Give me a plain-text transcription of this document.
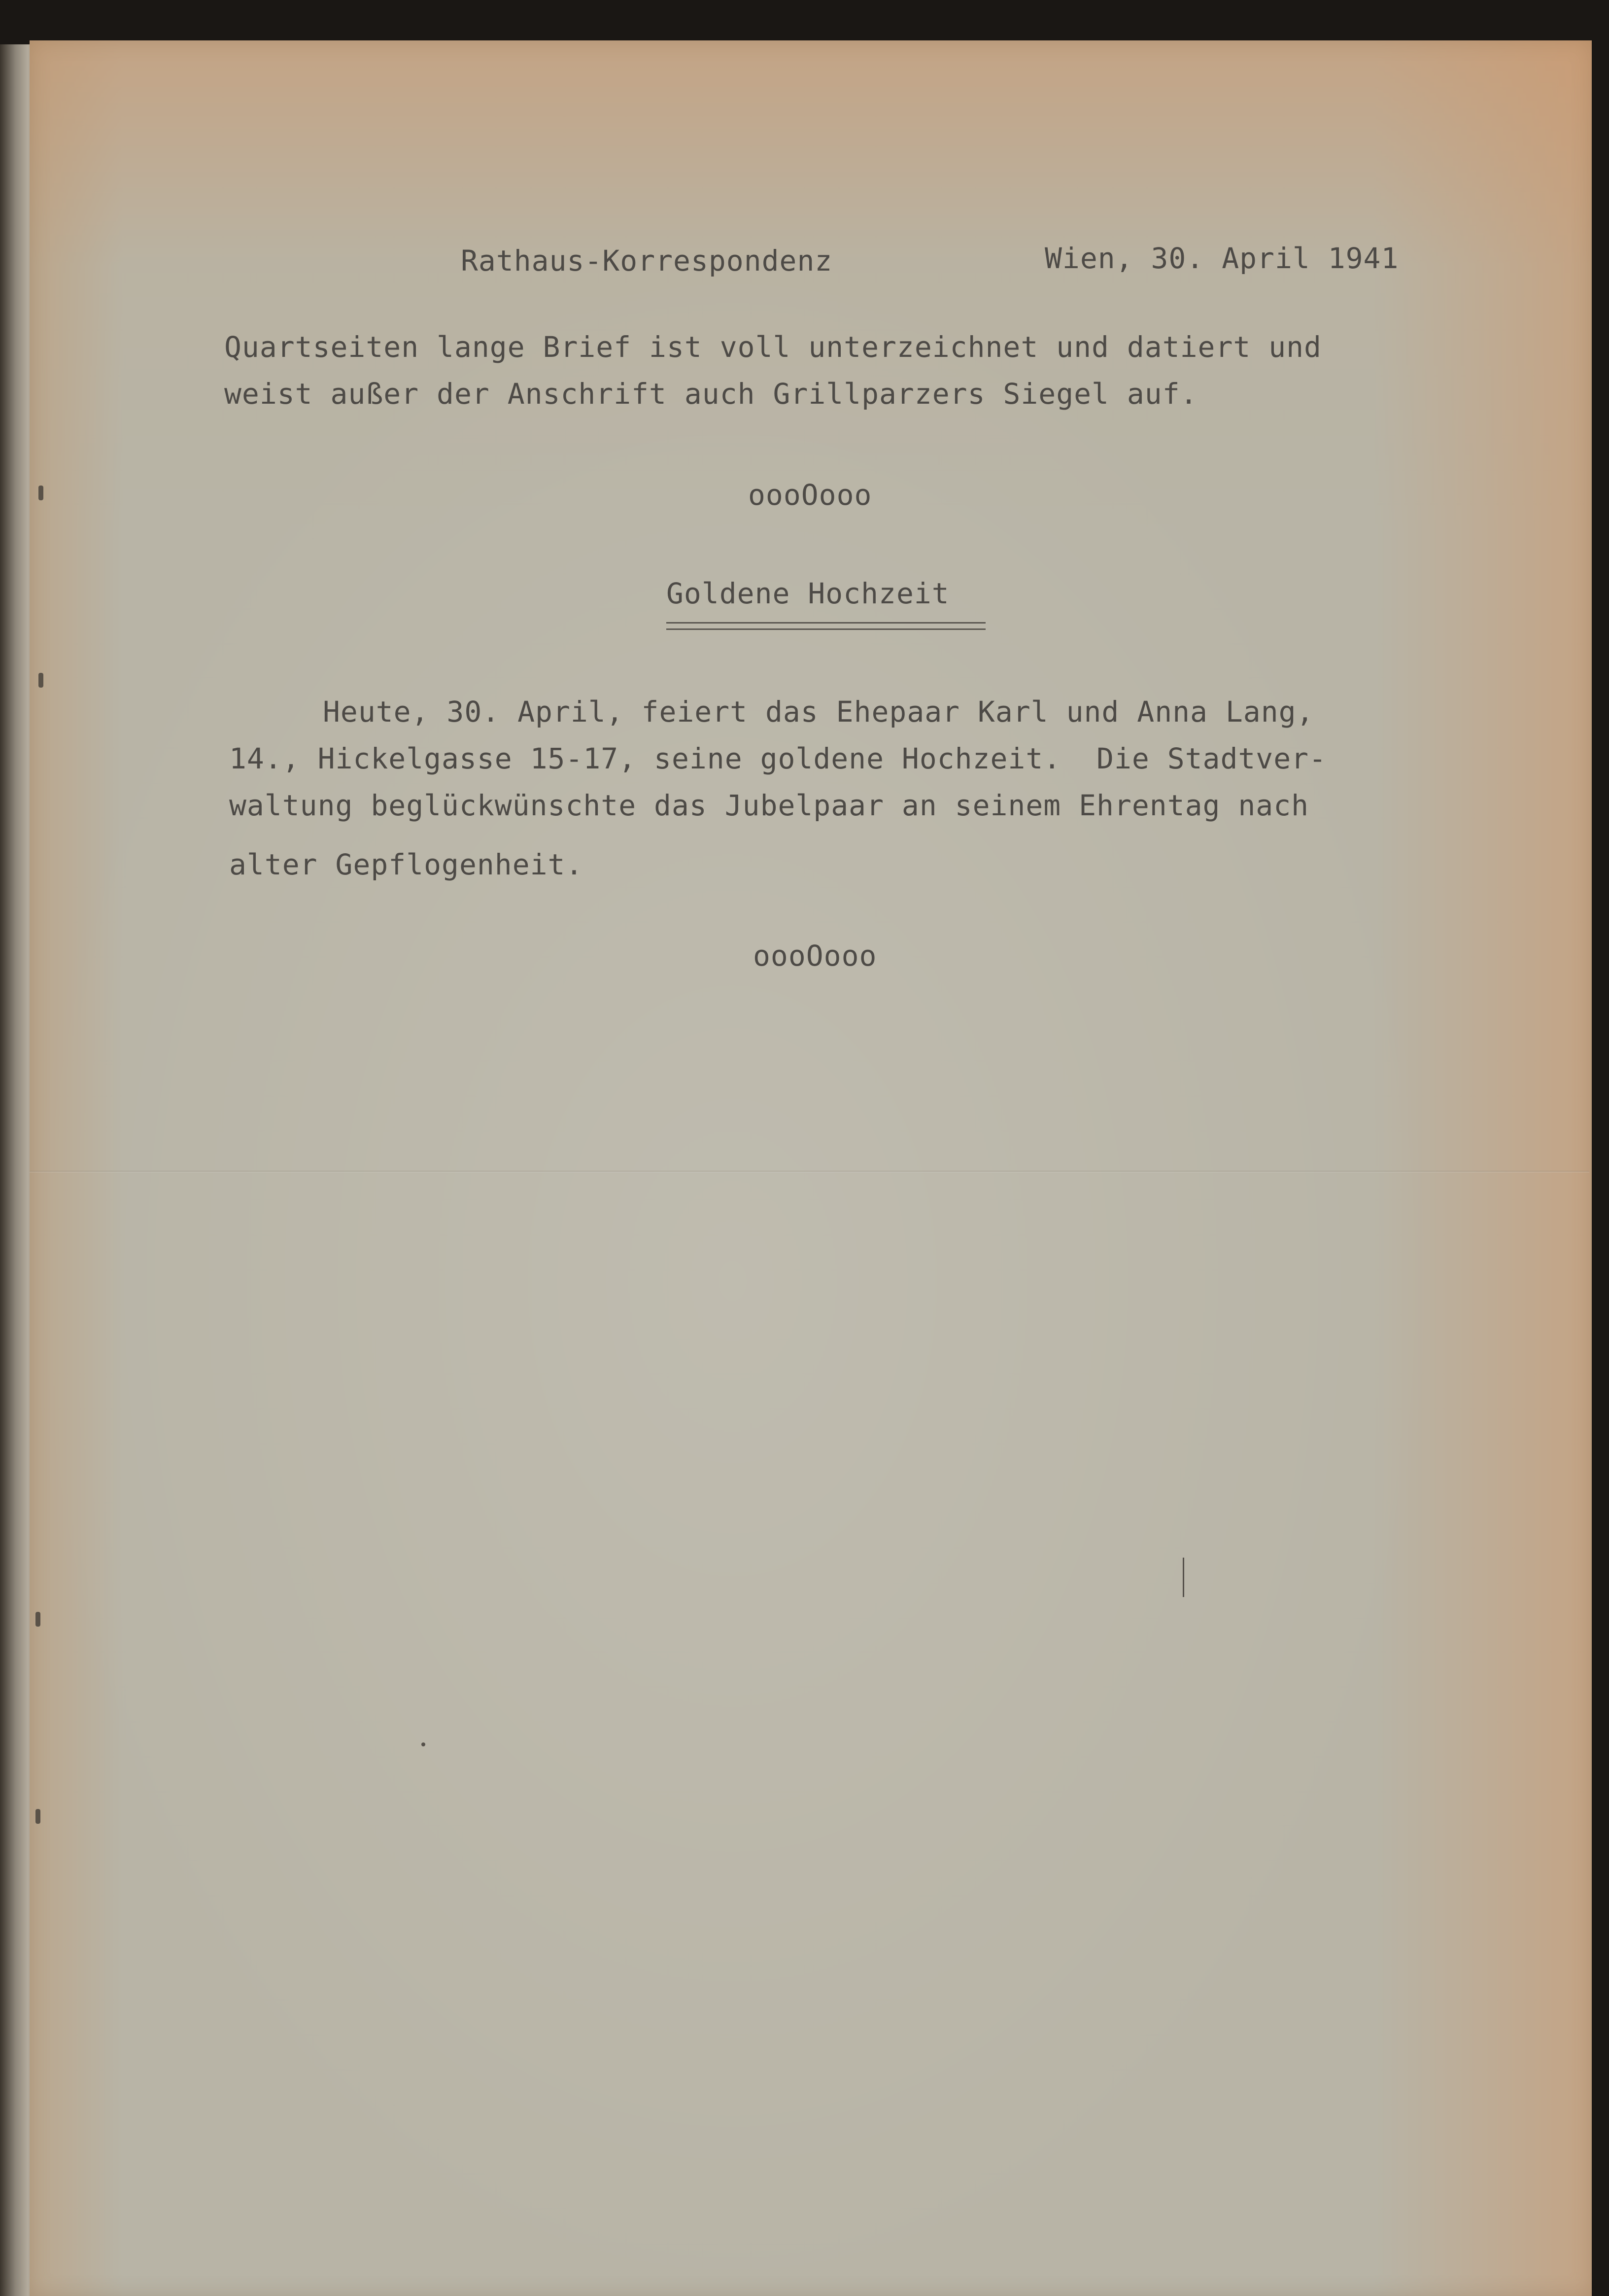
Rathaus-Korrespondenz	Wien, 30. April 1941
Quartseiten lange Brief ist voll unterzeichnet und datiert und
weist außer der Anschrift auch Grillparzers Siegel auf.
oooOooo
Goldene Hochzeit
Heute, 30. April, feiert das Ehepaar Karl und Anna Lang,
14., Hickelgasse 15-17, seine goldene Hochzeit.  Die Stadtver-
waltung beglückwünschte das Jubelpaar an seinem Ehrentag nach
alter Gepflogenheit.
oooOooo
